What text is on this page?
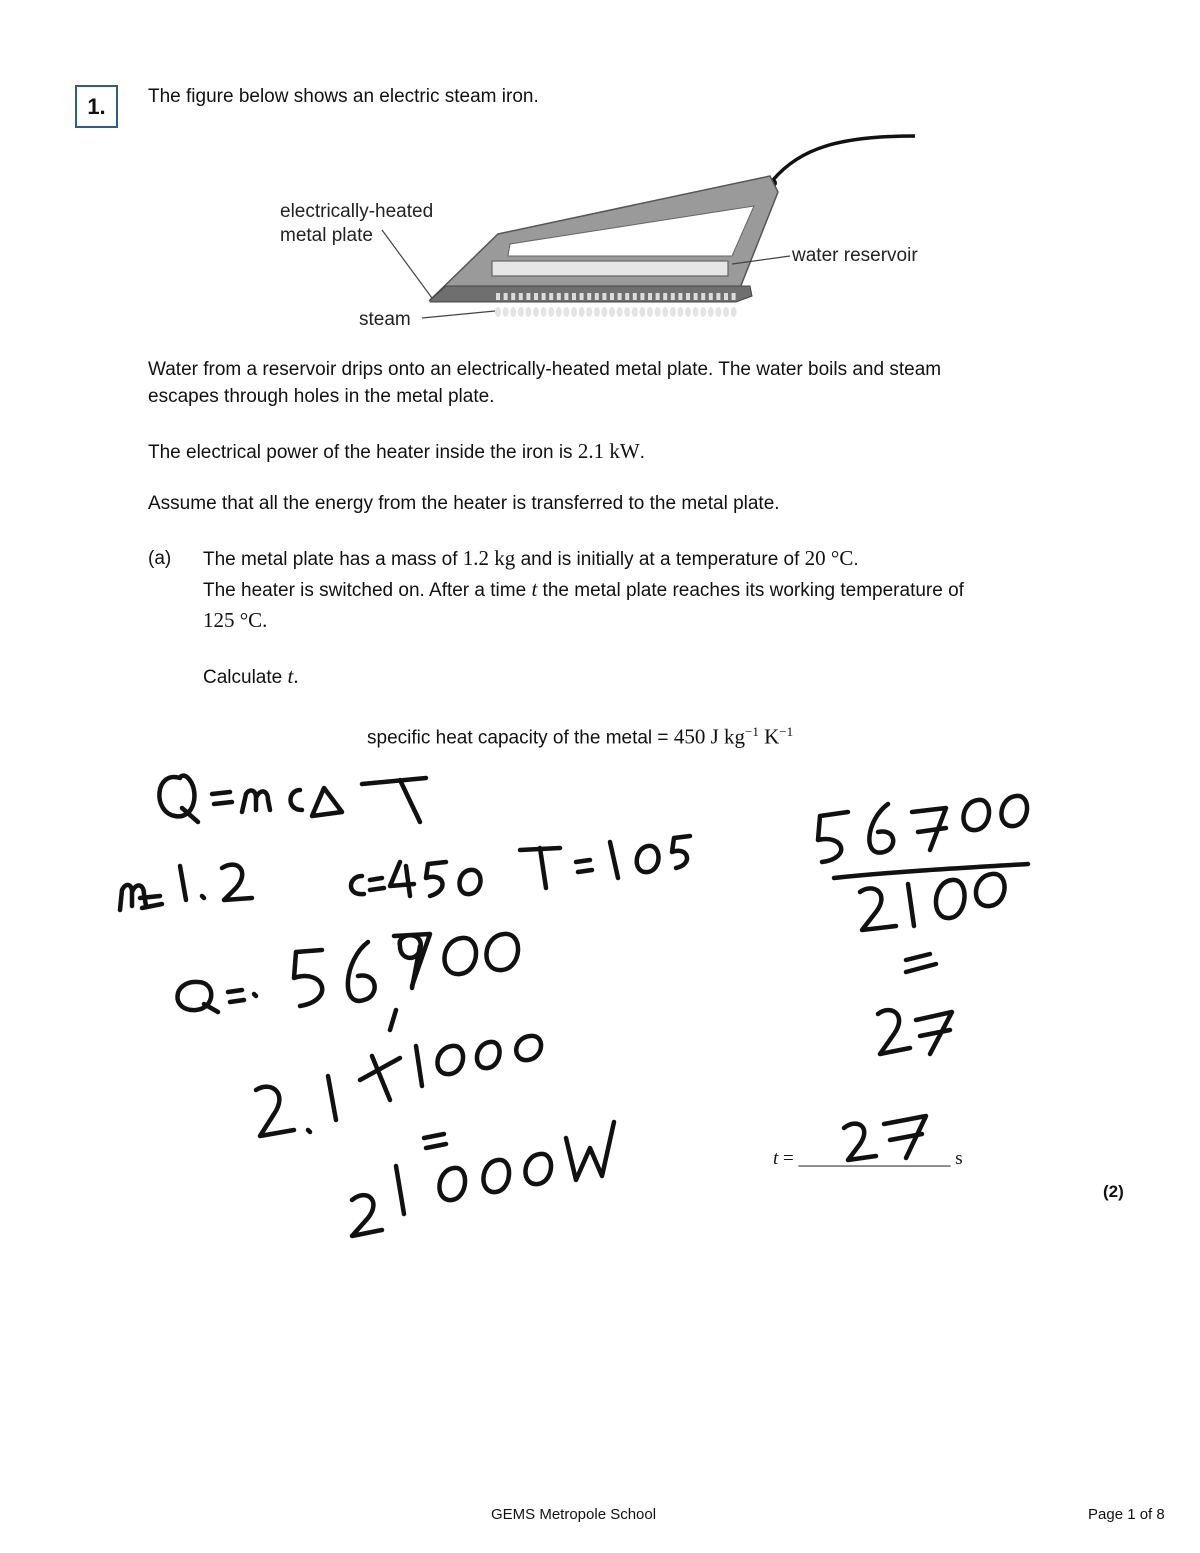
1. The figure below shows an electric steam iron.
electrically-heated
metal plate
water reservoir
steam
Water from a reservoir drips onto an electrically-heated metal plate. The water boils and steam
escapes through holes in the metal plate.
The electrical power of the heater inside the iron is 2.1 kW.
Assume that all the energy from the heater is transferred to the metal plate.
(a) The metal plate has a mass of 1.2 kg and is initially at a temperature of 20 °C.
The heater is switched on. After a time t the metal plate reaches its working temperature of
125 °C.
Calculate t.
specific heat capacity of the metal = 450 J $kg^{-1}$ $K^{-1}$
t = ________________ s
(2)
GEMS Metropole School	Page 1 of 8
